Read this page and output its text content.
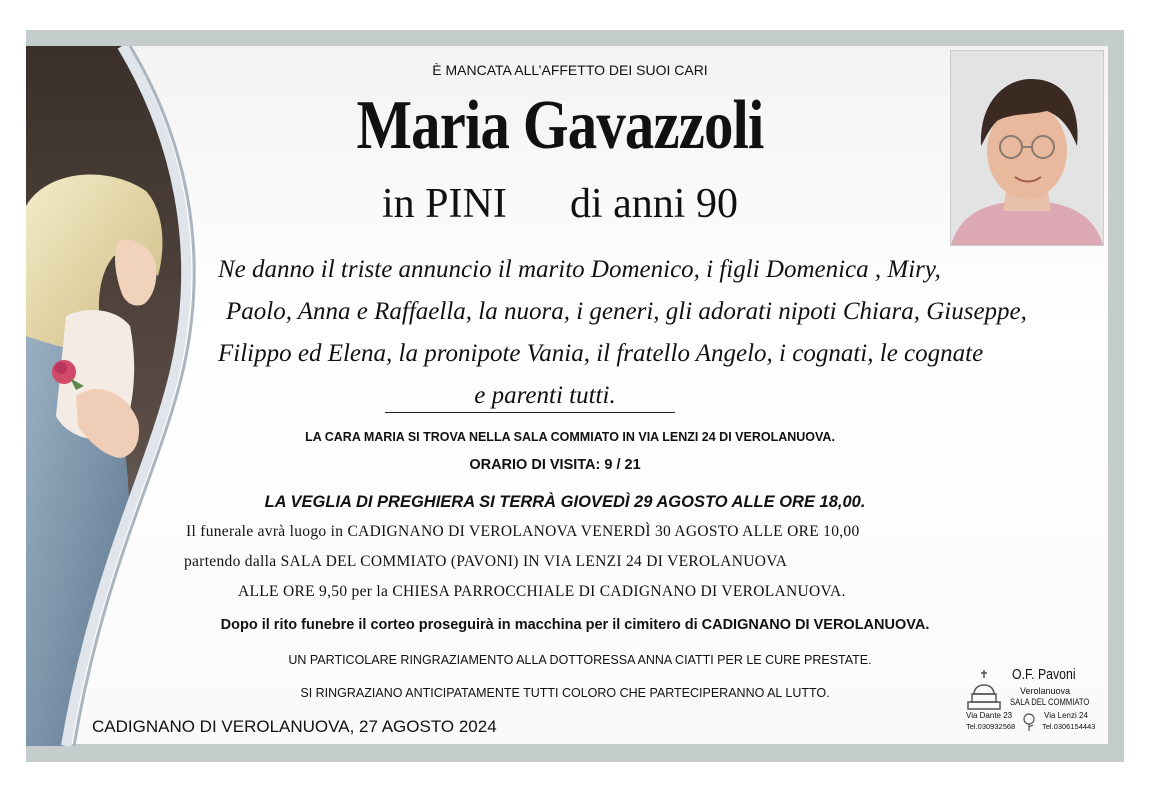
È MANCATA ALL’AFFETTO DEI SUOI CARI
Maria Gavazzoli
in PINI di anni 90
Ne danno il triste annuncio il marito Domenico, i figli Domenica , Miry,
Paolo, Anna e Raffaella, la nuora, i generi, gli adorati nipoti Chiara, Giuseppe,
Filippo ed Elena, la pronipote Vania, il fratello Angelo, i cognati, le cognate
e parenti tutti.
LA CARA MARIA SI TROVA NELLA SALA COMMIATO IN VIA LENZI 24 DI VEROLANUOVA.
ORARIO DI VISITA: 9 / 21
LA VEGLIA DI PREGHIERA SI TERRÀ GIOVEDÌ 29 AGOSTO ALLE ORE 18,00.
Il funerale avrà luogo in CADIGNANO DI VEROLANOVA VENERDÌ 30 AGOSTO ALLE ORE 10,00
partendo dalla SALA DEL COMMIATO (PAVONI) IN VIA LENZI 24 DI VEROLANUOVA
ALLE ORE 9,50 per la CHIESA PARROCCHIALE DI CADIGNANO DI VEROLANUOVA.
Dopo il rito funebre il corteo proseguirà in macchina per il cimitero di CADIGNANO DI VEROLANUOVA.
UN PARTICOLARE RINGRAZIAMENTO ALLA DOTTORESSA ANNA CIATTI PER LE CURE PRESTATE.
SI RINGRAZIANO ANTICIPATAMENTE TUTTI COLORO CHE PARTECIPERANNO AL LUTTO.
CADIGNANO DI VEROLANUOVA, 27 AGOSTO 2024
O.F. Pavoni
Verolanuova
SALA DEL COMMIATO
Via Dante 23
Tel.030932568
Via Lenzi 24
Tel.0306154443
